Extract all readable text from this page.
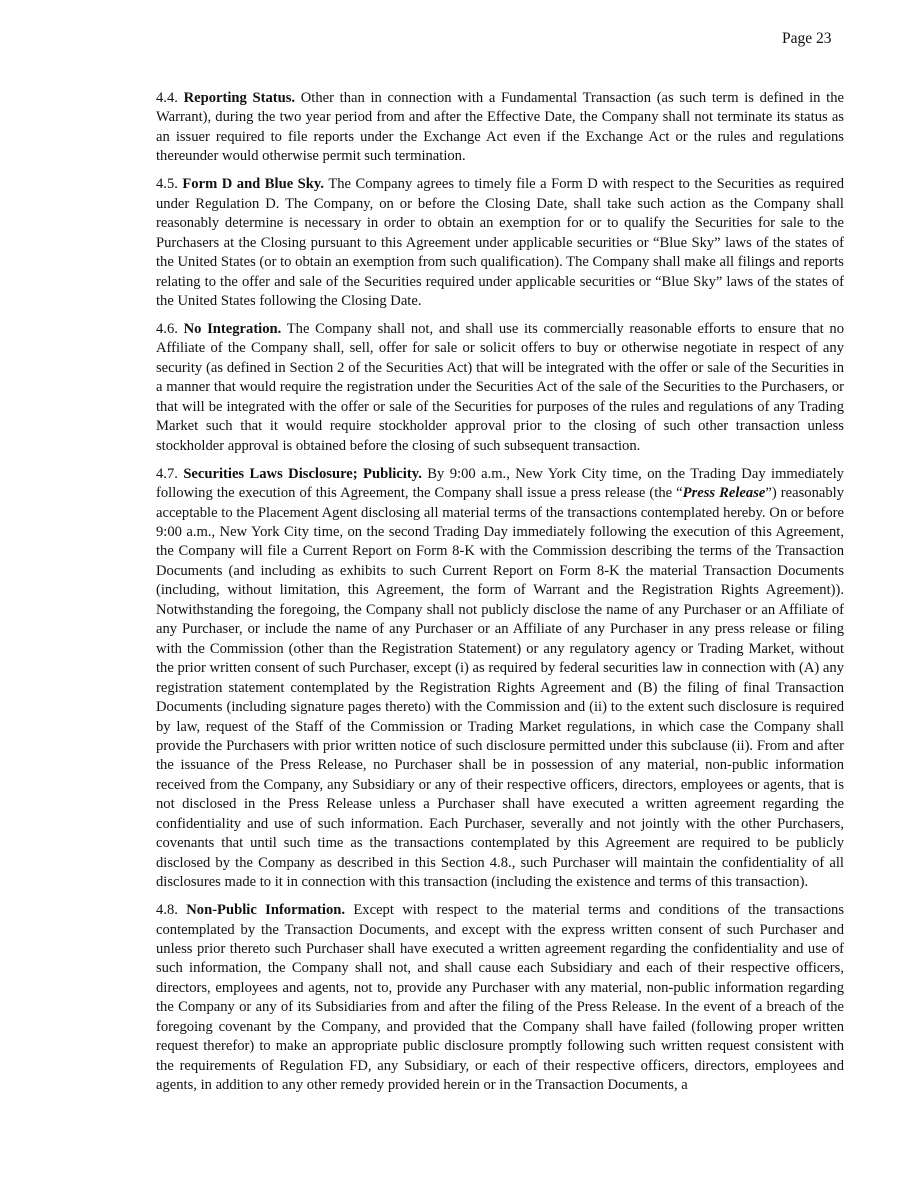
Page 23

4.4. Reporting Status. Other than in connection with a Fundamental Transaction (as such term is defined in the Warrant), during the two year period from and after the Effective Date, the Company shall not terminate its status as an issuer required to file reports under the Exchange Act even if the Exchange Act or the rules and regulations thereunder would otherwise permit such termination.

4.5. Form D and Blue Sky. The Company agrees to timely file a Form D with respect to the Securities as required under Regulation D. The Company, on or before the Closing Date, shall take such action as the Company shall reasonably determine is necessary in order to obtain an exemption for or to qualify the Securities for sale to the Purchasers at the Closing pursuant to this Agreement under applicable securities or “Blue Sky” laws of the states of the United States (or to obtain an exemption from such qualification). The Company shall make all filings and reports relating to the offer and sale of the Securities required under applicable securities or “Blue Sky” laws of the states of the United States following the Closing Date.

4.6. No Integration. The Company shall not, and shall use its commercially reasonable efforts to ensure that no Affiliate of the Company shall, sell, offer for sale or solicit offers to buy or otherwise negotiate in respect of any security (as defined in Section 2 of the Securities Act) that will be integrated with the offer or sale of the Securities in a manner that would require the registration under the Securities Act of the sale of the Securities to the Purchasers, or that will be integrated with the offer or sale of the Securities for purposes of the rules and regulations of any Trading Market such that it would require stockholder approval prior to the closing of such other transaction unless stockholder approval is obtained before the closing of such subsequent transaction.

4.7. Securities Laws Disclosure; Publicity. By 9:00 a.m., New York City time, on the Trading Day immediately following the execution of this Agreement, the Company shall issue a press release (the “Press Release”) reasonably acceptable to the Placement Agent disclosing all material terms of the transactions contemplated hereby. On or before 9:00 a.m., New York City time, on the second Trading Day immediately following the execution of this Agreement, the Company will file a Current Report on Form 8-K with the Commission describing the terms of the Transaction Documents (and including as exhibits to such Current Report on Form 8-K the material Transaction Documents (including, without limitation, this Agreement, the form of Warrant and the Registration Rights Agreement)). Notwithstanding the foregoing, the Company shall not publicly disclose the name of any Purchaser or an Affiliate of any Purchaser, or include the name of any Purchaser or an Affiliate of any Purchaser in any press release or filing with the Commission (other than the Registration Statement) or any regulatory agency or Trading Market, without the prior written consent of such Purchaser, except (i) as required by federal securities law in connection with (A) any registration statement contemplated by the Registration Rights Agreement and (B) the filing of final Transaction Documents (including signature pages thereto) with the Commission and (ii) to the extent such disclosure is required by law, request of the Staff of the Commission or Trading Market regulations, in which case the Company shall provide the Purchasers with prior written notice of such disclosure permitted under this subclause (ii). From and after the issuance of the Press Release, no Purchaser shall be in possession of any material, non-public information received from the Company, any Subsidiary or any of their respective officers, directors, employees or agents, that is not disclosed in the Press Release unless a Purchaser shall have executed a written agreement regarding the confidentiality and use of such information. Each Purchaser, severally and not jointly with the other Purchasers, covenants that until such time as the transactions contemplated by this Agreement are required to be publicly disclosed by the Company as described in this Section 4.8., such Purchaser will maintain the confidentiality of all disclosures made to it in connection with this transaction (including the existence and terms of this transaction).

4.8. Non-Public Information. Except with respect to the material terms and conditions of the transactions contemplated by the Transaction Documents, and except with the express written consent of such Purchaser and unless prior thereto such Purchaser shall have executed a written agreement regarding the confidentiality and use of such information, the Company shall not, and shall cause each Subsidiary and each of their respective officers, directors, employees and agents, not to, provide any Purchaser with any material, non-public information regarding the Company or any of its Subsidiaries from and after the filing of the Press Release. In the event of a breach of the foregoing covenant by the Company, and provided that the Company shall have failed (following proper written request therefor) to make an appropriate public disclosure promptly following such written request consistent with the requirements of Regulation FD, any Subsidiary, or each of their respective officers, directors, employees and agents, in addition to any other remedy provided herein or in the Transaction Documents, a
